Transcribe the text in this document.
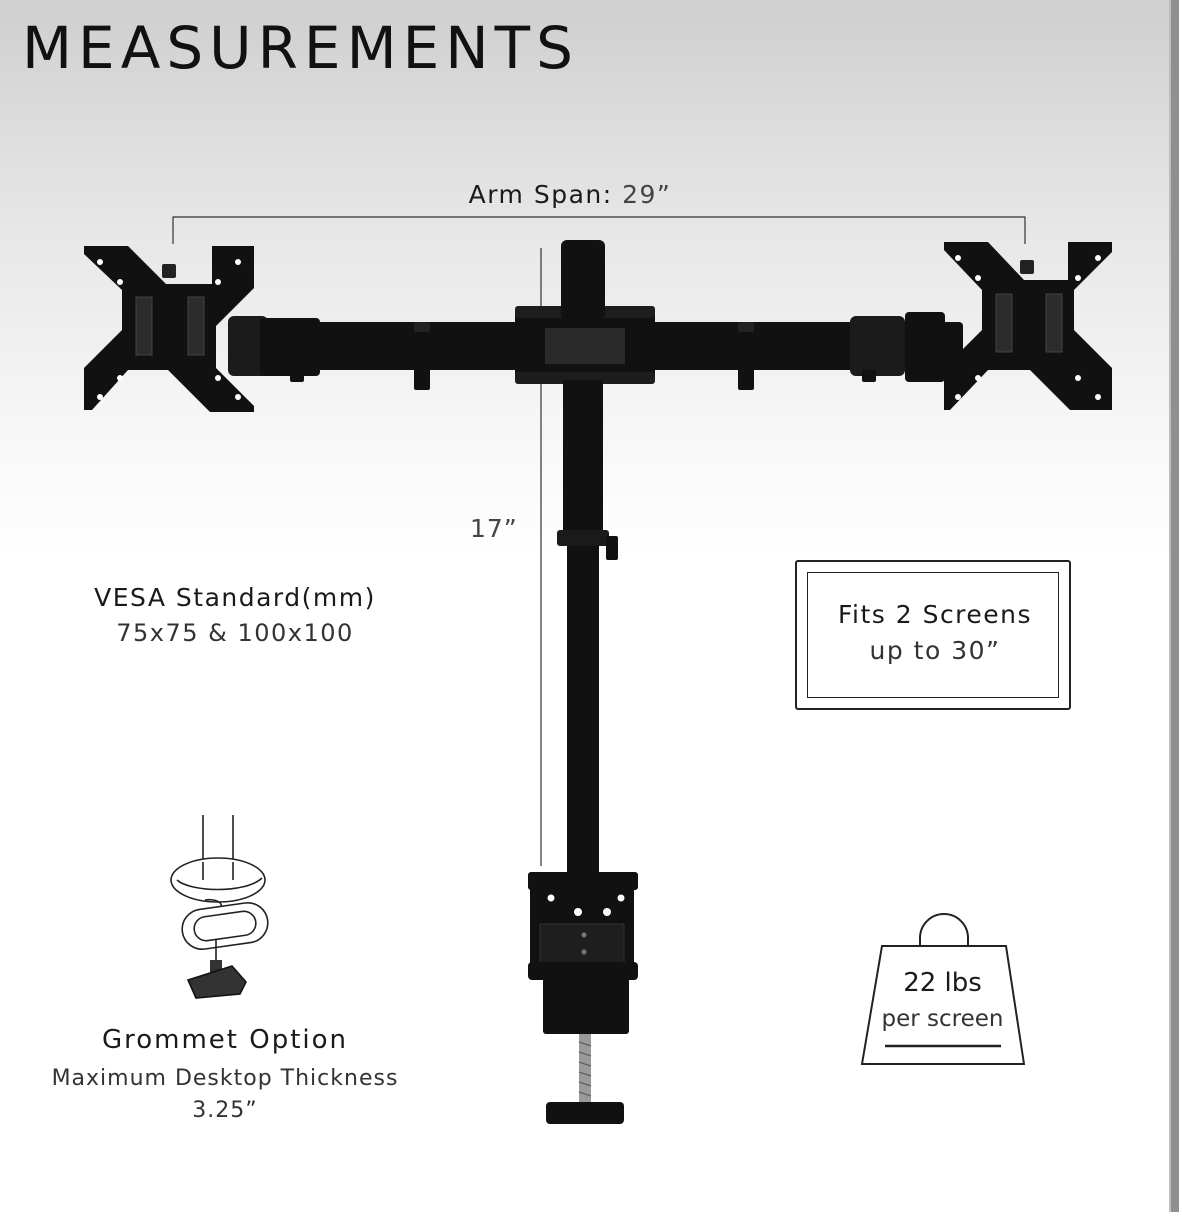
MEASUREMENTS
Arm Span: 29”
17”
VESA Standard(mm)
75x75 & 100x100
Fits 2 Screens
up to 30”
Grommet Option
Maximum Desktop Thickness
3.25”
22 lbs
per screen
